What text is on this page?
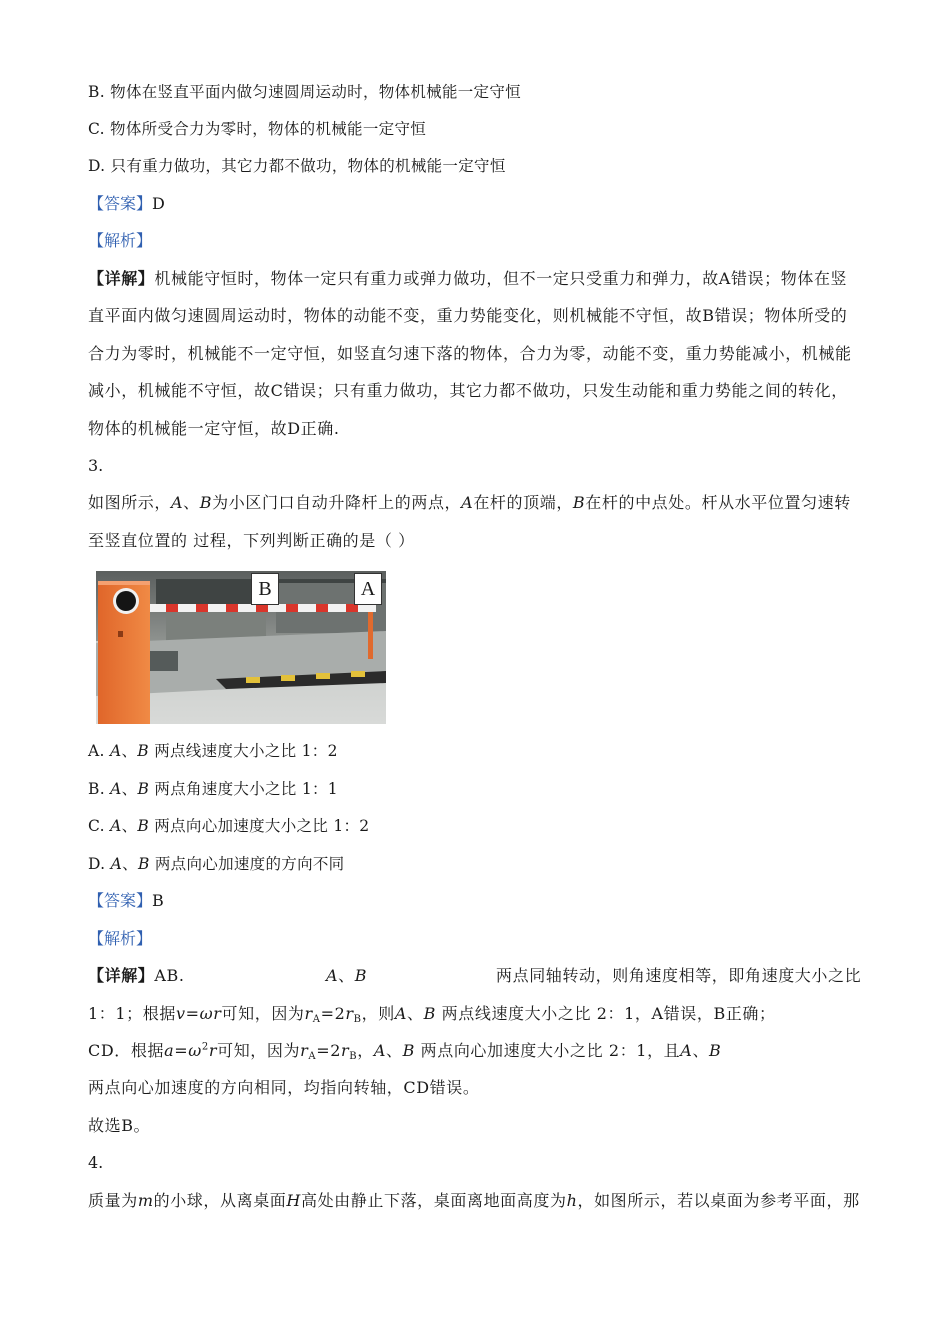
B. 物体在竖直平面内做匀速圆周运动时，物体机械能一定守恒
C. 物体所受合力为零时，物体的机械能一定守恒
D. 只有重力做功，其它力都不做功，物体的机械能一定守恒
【答案】D
【解析】
【详解】机械能守恒时，物体一定只有重力或弹力做功，但不一定只受重力和弹力，故A错误；物体在竖
直平面内做匀速圆周运动时，物体的动能不变，重力势能变化，则机械能不守恒，故B错误；物体所受的
合力为零时，机械能不一定守恒，如竖直匀速下落的物体，合力为零，动能不变，重力势能减小，机械能
减小，机械能不守恒，故C错误；只有重力做功，其它力都不做功，只发生动能和重力势能之间的转化，
物体的机械能一定守恒，故D正确.
3.
如图所示，A、B为小区门口自动升降杆上的两点，A在杆的顶端，B在杆的中点处。杆从水平位置匀速转
至竖直位置的 过程，下列判断正确的是（ ）
B	A
A. A、B 两点线速度大小之比 1：2
B. A、B 两点角速度大小之比 1：1
C. A、B 两点向心加速度大小之比 1：2
D. A、B 两点向心加速度的方向不同
【答案】B
【解析】
【详解】AB.	A、B	两点同轴转动，则角速度相等，即角速度大小之比
1：1；根据v=ωr可知，因为$r_A=2r_B$，则A、B 两点线速度大小之比 2：1，A错误，B正确；
CD．根据$a=\omega^2r$可知，因为$r_A=2r_B$，A、B 两点向心加速度大小之比 2：1，且A、B
两点向心加速度的方向相同，均指向转轴，CD错误。
故选B。
4.
质量为m的小球，从离桌面H高处由静止下落，桌面离地面高度为h，如图所示，若以桌面为参考平面，那
